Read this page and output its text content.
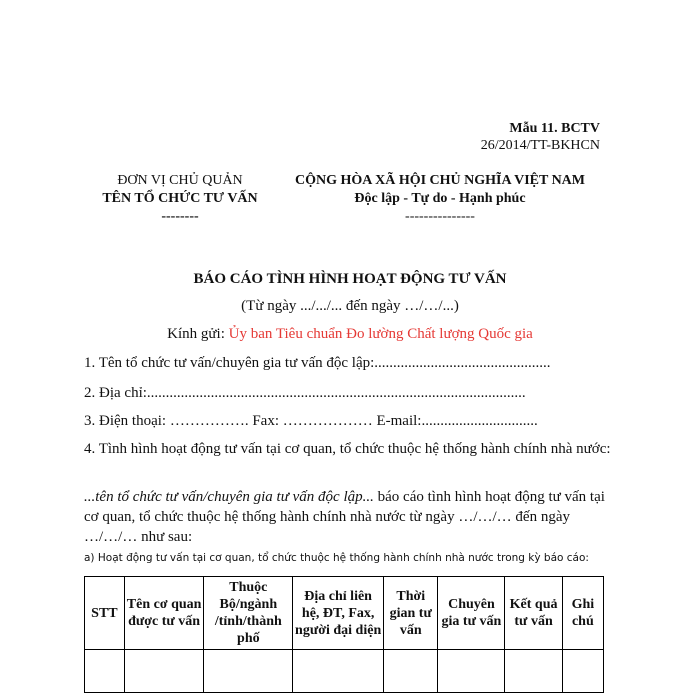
Mẫu 11. BCTV
26/2014/TT-BKHCN
ĐƠN VỊ CHỦ QUẢN
TÊN TỔ CHỨC TƯ VẤN
--------
CỘNG HÒA XÃ HỘI CHỦ NGHĨA VIỆT NAM
Độc lập - Tự do - Hạnh phúc
---------------
BÁO CÁO TÌNH HÌNH HOẠT ĐỘNG TƯ VẤN
(Từ ngày .../.../... đến ngày …/…/...)
Kính gửi: Ủy ban Tiêu chuẩn Đo lường Chất lượng Quốc gia
1. Tên tổ chức tư vấn/chuyên gia tư vấn độc lập:...............................................
2. Địa chỉ:.....................................................................................................
3. Điện thoại: ……………. Fax: ……………… E-mail:...............................
4. Tình hình hoạt động tư vấn tại cơ quan, tổ chức thuộc hệ thống hành chính nhà nước:
...tên tổ chức tư vấn/chuyên gia tư vấn độc lập... báo cáo tình hình hoạt động tư vấn tại cơ quan, tổ chức thuộc hệ thống hành chính nhà nước từ ngày …/…/… đến ngày …/…/… như sau:
a) Hoạt động tư vấn tại cơ quan, tổ chức thuộc hệ thống hành chính nhà nước trong kỳ báo cáo:
STT	Tên cơ quan được tư vấn	Thuộc Bộ/ngành /tỉnh/thành phố	Địa chỉ liên hệ, ĐT, Fax, người đại diện	Thời gian tư vấn	Chuyên gia tư vấn	Kết quả tư vấn	Ghi chú
